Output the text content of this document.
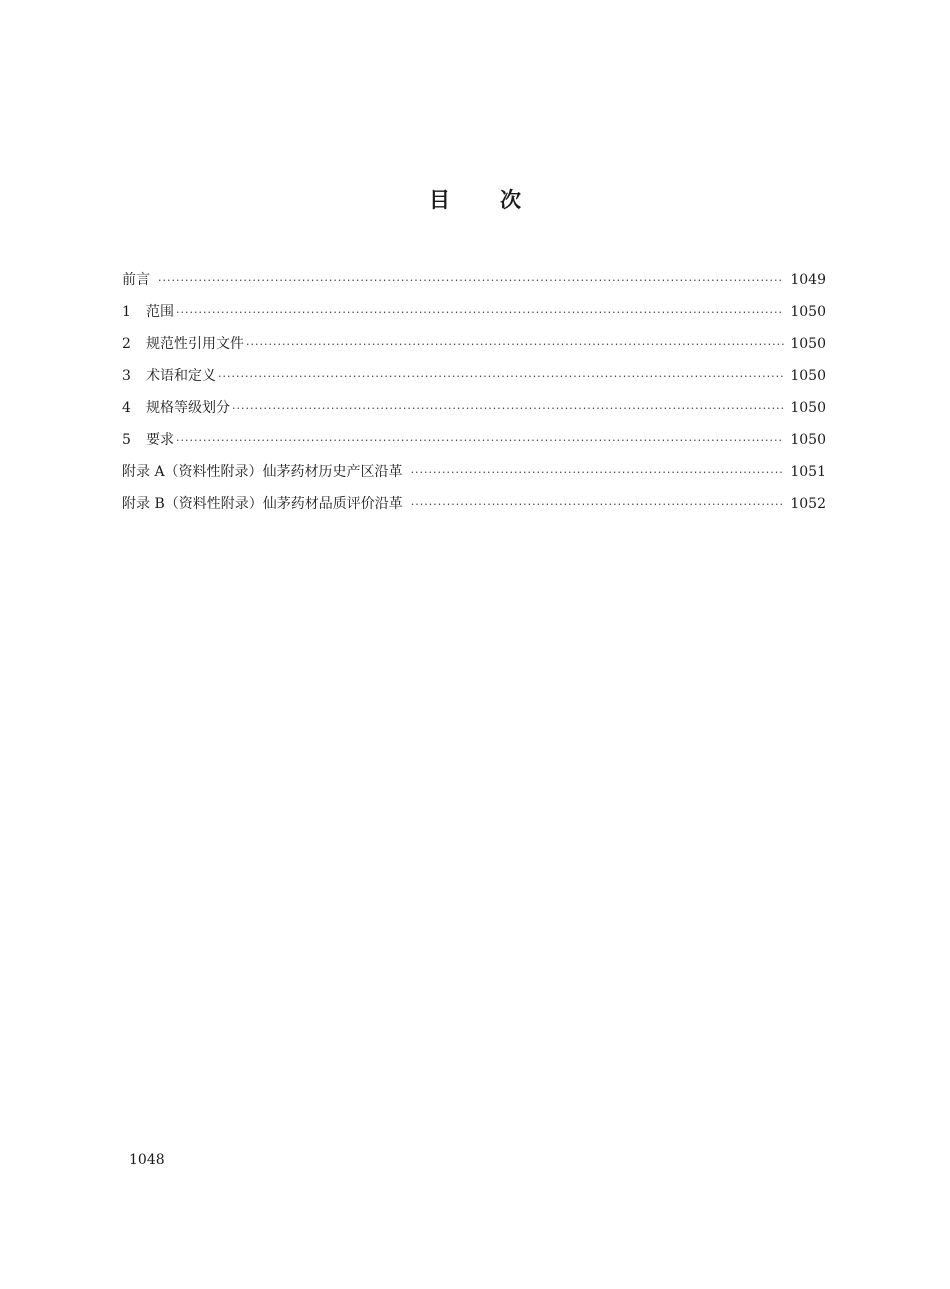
目 次
前言 ·····	1049
1	范围 ·····	1050
2	规范性引用文件 ·····	1050
3	术语和定义 ·····	1050
4	规格等级划分 ·····	1050
5	要求 ·····	1050
附录 A（资料性附录）仙茅药材历史产区沿革 ·····	1051
附录 B（资料性附录）仙茅药材品质评价沿革 ·····	1052
1048
